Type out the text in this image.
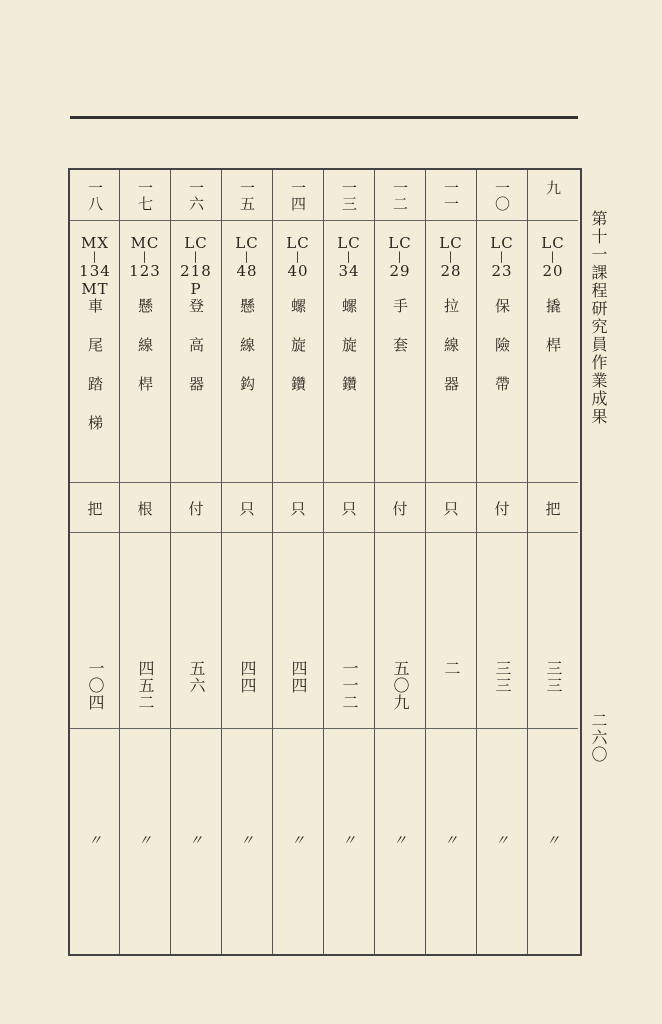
一八
MX
|
134
MT
車尾踏梯
把
一〇四
〃
一七
MC
|
123

懸線桿
根
四五二
〃
一六
LC
|
218
P
登高器
付
五六
〃
一五
LC
|
48

懸線鈎
只
四四
〃
一四
LC
|
40

螺旋鑽
只
四四
〃
一三
LC
|
34

螺旋鑽
只
一一二
〃
一二
LC
|
29

手套
付
五〇九
〃
一一
LC
|
28

拉線器
只
二
〃
一〇
LC
|
23

保險帶
付
三三
〃
九
LC
|
20

撬桿
把
三三
〃
第十一課程研究員作業成果
二六〇
